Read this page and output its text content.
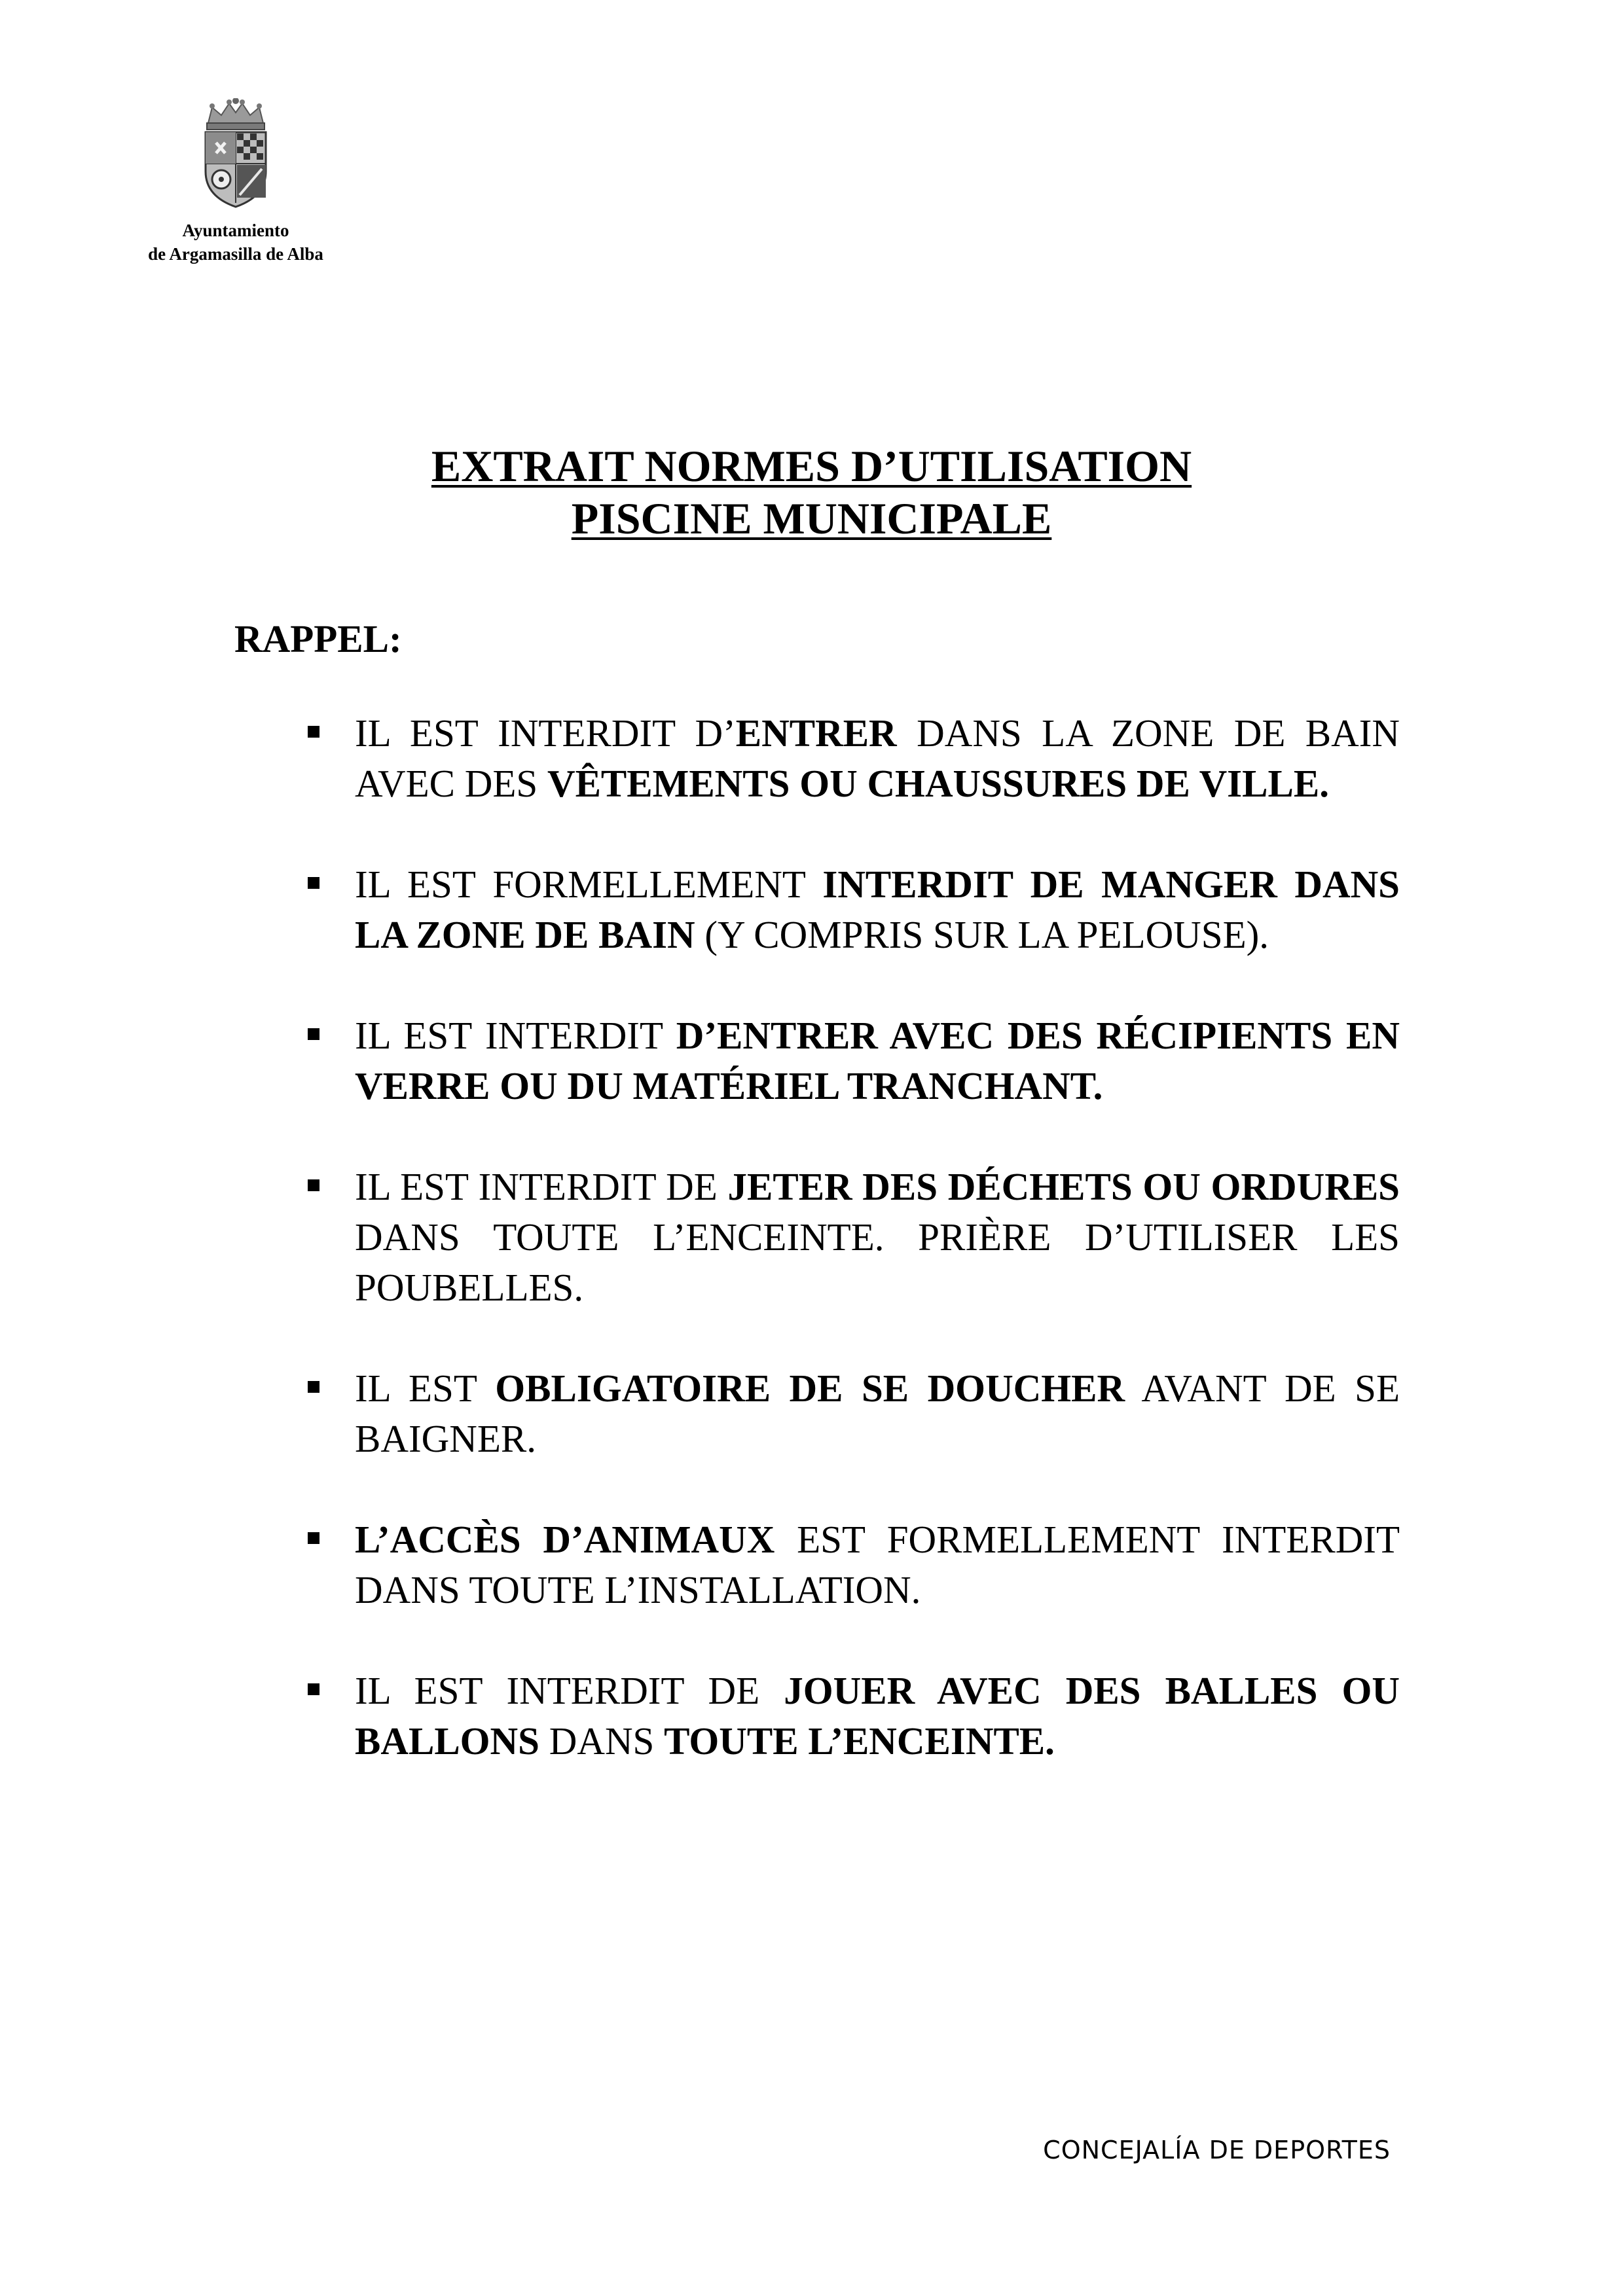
Ayuntamiento

de Argamasilla de Alba

EXTRAIT NORMES D’UTILISATION

PISCINE MUNICIPALE

RAPPEL:

IL EST INTERDIT D’ENTRER DANS LA ZONE DE BAIN AVEC DES VÊTEMENTS OU CHAUSSURES DE VILLE.
IL EST FORMELLEMENT INTERDIT DE MANGER DANS LA ZONE DE BAIN (Y COMPRIS SUR LA PELOUSE).
IL EST INTERDIT D’ENTRER AVEC DES RÉCIPIENTS EN VERRE OU DU MATÉRIEL TRANCHANT.
IL EST INTERDIT DE JETER DES DÉCHETS OU ORDURES DANS TOUTE L’ENCEINTE. PRIÈRE D’UTILISER LES POUBELLES.
IL EST OBLIGATOIRE DE SE DOUCHER AVANT DE SE BAIGNER.
L’ACCÈS D’ANIMAUX EST FORMELLEMENT INTERDIT DANS TOUTE L’INSTALLATION.
IL EST INTERDIT DE JOUER AVEC DES BALLES OU BALLONS DANS TOUTE L’ENCEINTE.

CONCEJALÍA DE DEPORTES
